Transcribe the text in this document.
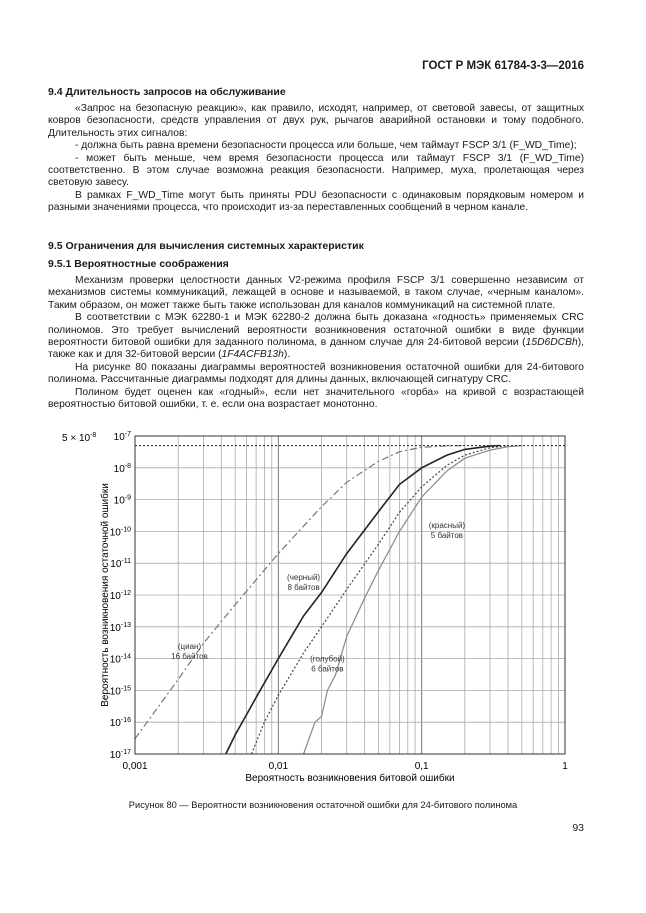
ГОСТ Р МЭК 61784-3-3—2016
9.4 Длительность запросов на обслуживание

«Запрос на безопасную реакцию», как правило, исходят, например, от световой завесы, от защитных ковров безопасности, средств управления от двух рук, рычагов аварийной остановки и тому подобного. Длительность этих сигналов:

- должна быть равна времени безопасности процесса или больше, чем таймаут FSCP 3/1 (F_WD_Time);

- может быть меньше, чем время безопасности процесса или таймаут FSCP 3/1 (F_WD_Time) соответственно. В этом случае возможна реакция безопасности. Например, муха, пролетающая через световую завесу.

В рамках F_WD_Time могут быть приняты PDU безопасности с одинаковым порядковым номером и разными значениями процесса, что происходит из-за переставленных сообщений в черном канале.

9.5 Ограничения для вычисления системных характеристик
9.5.1 Вероятностные соображения

Механизм проверки целостности данных V2-режима профиля FSCP 3/1 совершенно независим от механизмов системы коммуникаций, лежащей в основе и называемой, в таком случае, «черным каналом». Таким образом, он может также быть также использован для каналов коммуникаций на системной плате.

В соответствии с МЭК 62280-1 и МЭК 62280-2 должна быть доказана «годность» применяемых CRC полиномов. Это требует вычислений вероятности возникновения остаточной ошибки в виде функции вероятности битовой ошибки для заданного полинома, в данном случае для 24-битовой версии (15D6DCBh), также как и для 32-битовой версии (1F4ACFB13h).

На рисунке 80 показаны диаграммы вероятностей возникновения остаточной ошибки для 24-битового полинома. Рассчитанные диаграммы подходят для длины данных, включающей сигнатуру CRC.

Полином будет оценен как «годный», если нет значительного «горба» на кривой с возрастающей вероятностью битовой ошибки, т. е. если она возрастает монотонно.

$10^{-7}$
$10^{-8}$
$10^{-9}$
$10^{-10}$
$10^{-11}$
$10^{-12}$
$10^{-13}$
$10^{-14}$
$10^{-15}$
$10^{-16}$
$10^{-17}$
0,001	0,01	0,1	1
$5 \times 10^{-8}$
(циан) 16 байтов
(черный) 8 байтов
(голубой) 6 байтов
(красный) 5 байтов
Вероятность возникновения битовой ошибки
Вероятность возникновения остаточной ошибки
Рисунок 80 — Вероятности возникновения остаточной ошибки для 24-битового полинома
93
